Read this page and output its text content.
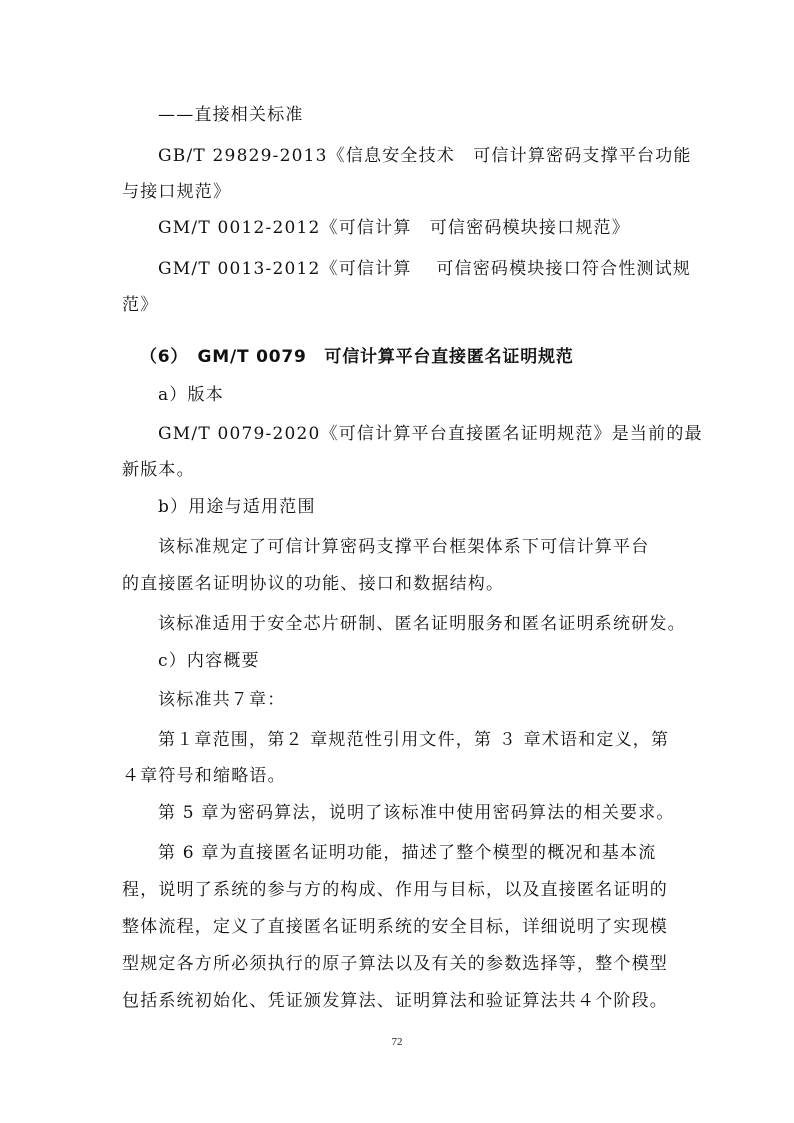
——直接相关标准
GB/T 29829-2013《信息安全技术　可信计算密码支撑平台功能
与接口规范》
GM/T 0012-2012《可信计算　可信密码模块接口规范》
GM/T 0013-2012《可信计算　 可信密码模块接口符合性测试规
范》
（6）　GM/T 0079　可信计算平台直接匿名证明规范
a）版本
GM/T 0079-2020《可信计算平台直接匿名证明规范》是当前的最
新版本。
b）用途与适用范围
该标准规定了可信计算密码支撑平台框架体系下可信计算平台
的直接匿名证明协议的功能、接口和数据结构。
该标准适用于安全芯片研制、匿名证明服务和匿名证明系统研发。
c）内容概要
该标准共７章：
第１章范围，第２ 章规范性引用文件，第 ３ 章术语和定义，第
４章符号和缩略语。
第 5 章为密码算法，说明了该标准中使用密码算法的相关要求。
第 6 章为直接匿名证明功能，描述了整个模型的概况和基本流
程，说明了系统的参与方的构成、作用与目标，以及直接匿名证明的
整体流程，定义了直接匿名证明系统的安全目标，详细说明了实现模
型规定各方所必须执行的原子算法以及有关的参数选择等，整个模型
包括系统初始化、凭证颁发算法、证明算法和验证算法共４个阶段。
72
